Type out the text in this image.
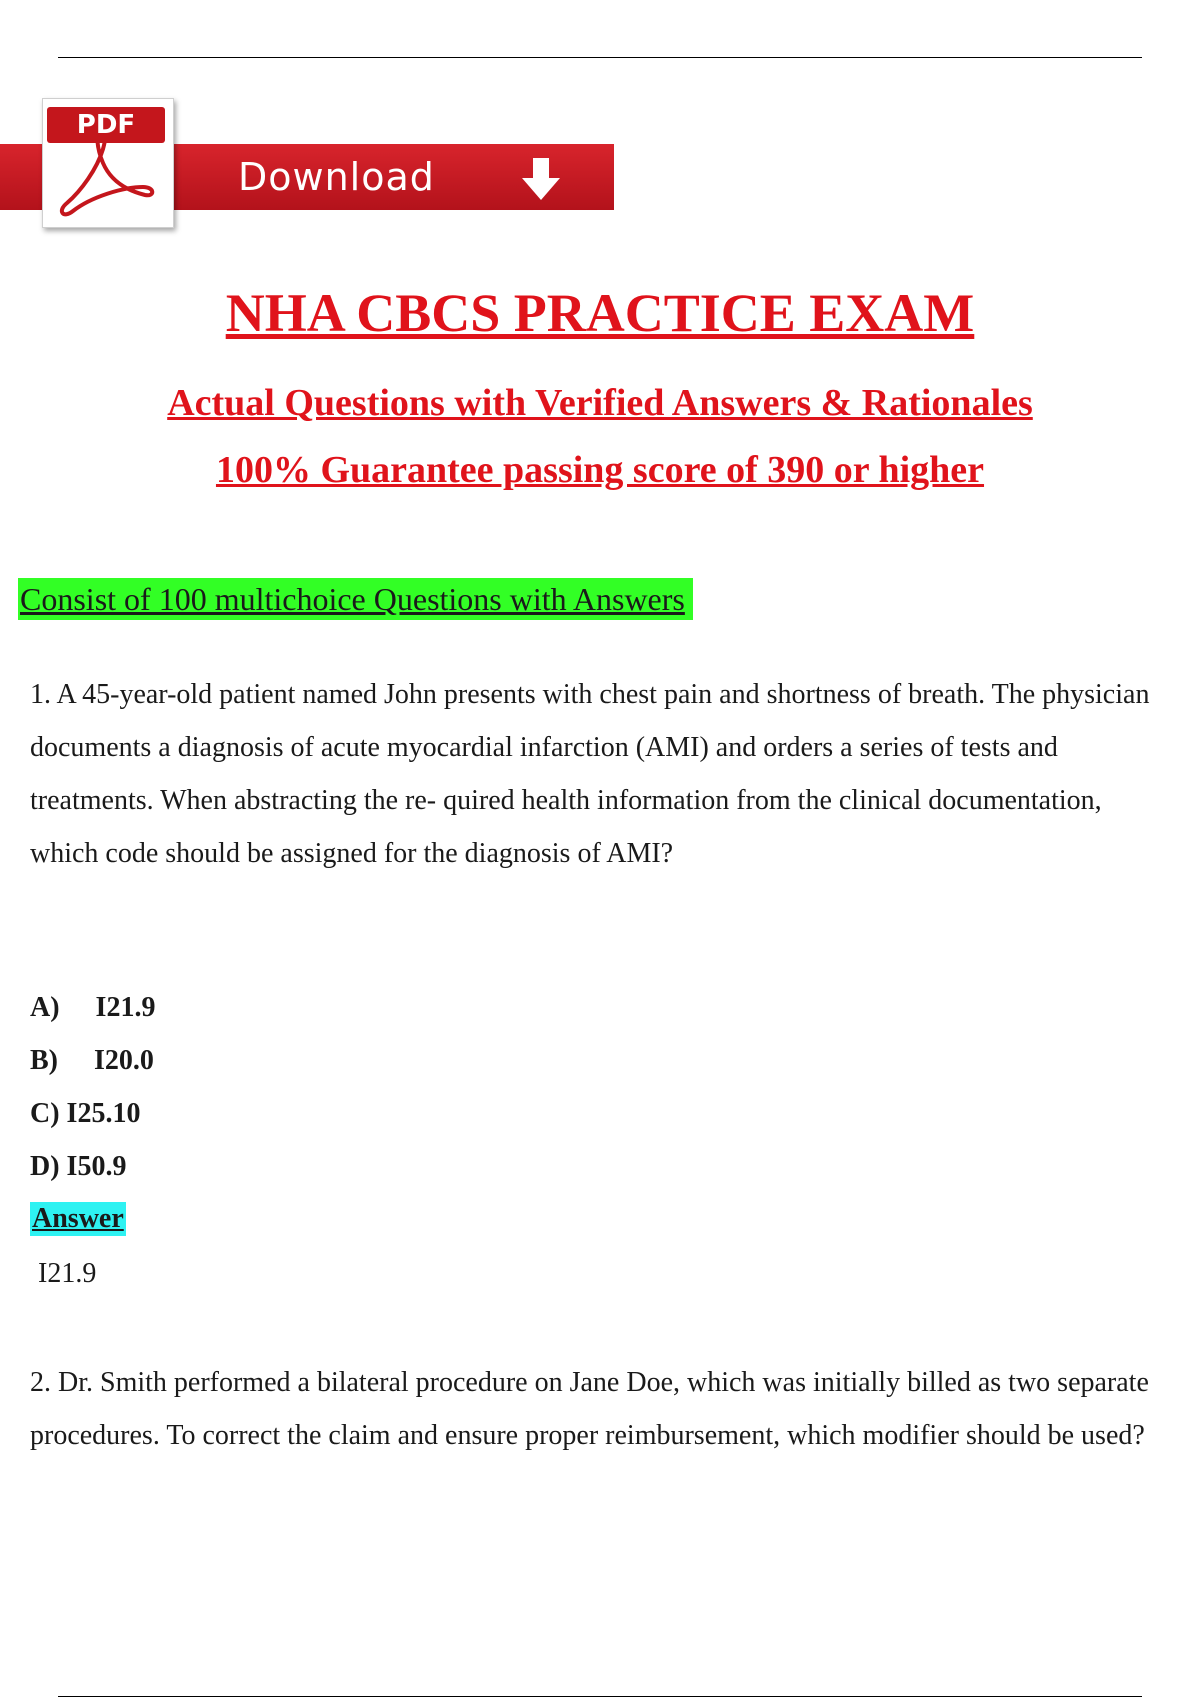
PDF
Download
NHA CBCS PRACTICE EXAM
Actual Questions with Verified Answers & Rationales
100% Guarantee passing score of 390 or higher
Consist of 100 multichoice Questions with Answers
1. A 45-year-old patient named John presents with chest pain and shortness of breath. The physician documents a diagnosis of acute myocardial infarction (AMI) and orders a series of tests and treatments. When abstracting the re- quired health information from the clinical documentation, which code should be assigned for the diagnosis of AMI?
A) I21.9
B) I20.0
C) I25.10
D) I50.9
Answer
I21.9
2. Dr. Smith performed a bilateral procedure on Jane Doe, which was initially billed as two separate procedures. To correct the claim and ensure proper reimbursement, which modifier should be used?
